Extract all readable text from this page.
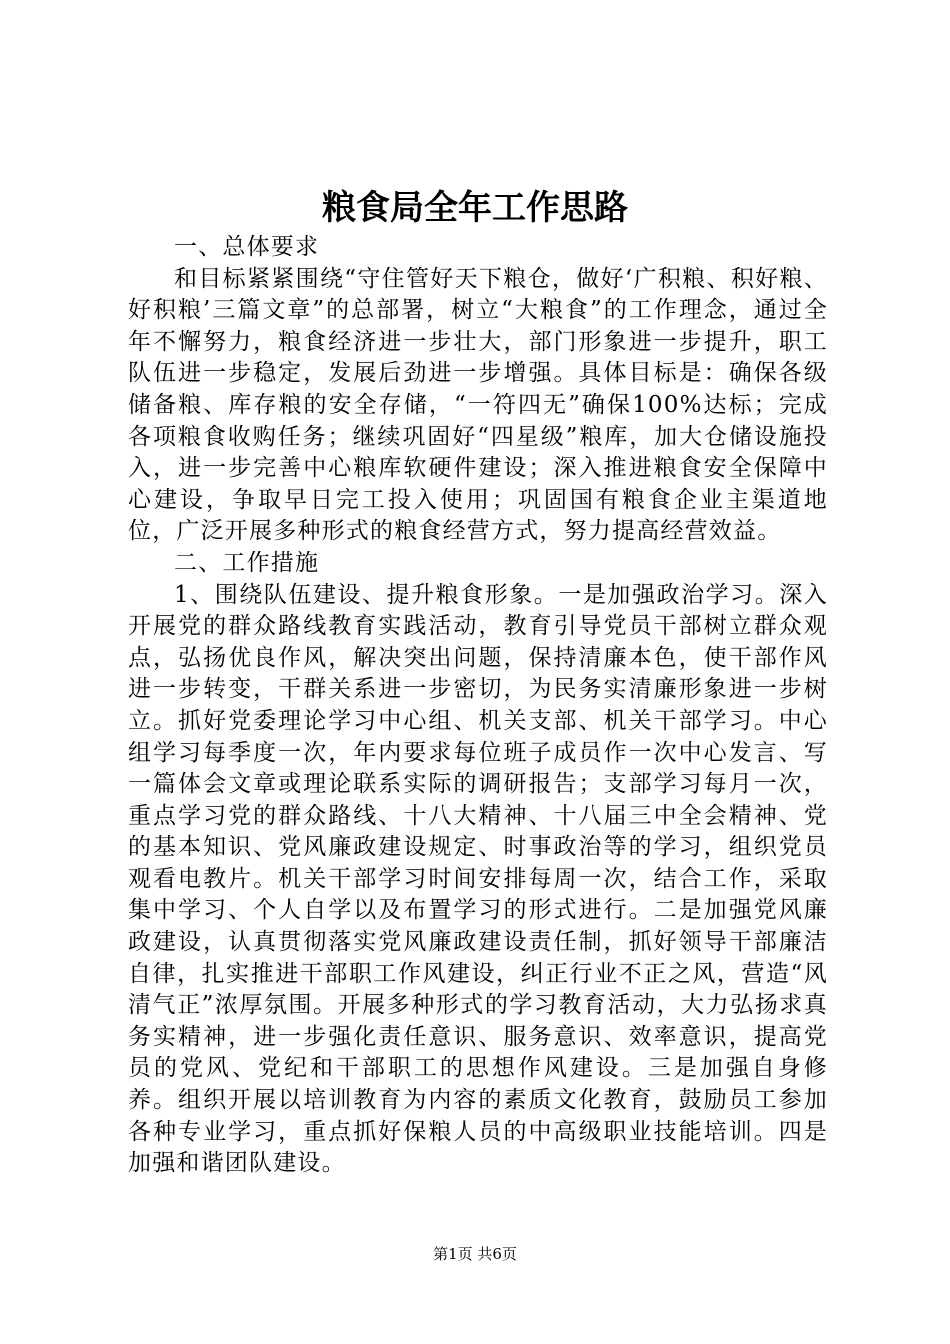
粮食局全年工作思路

一、总体要求

和目标紧紧围绕“守住管好天下粮仓，做好‘广积粮、积好粮、好积粮’三篇文章”的总部署，树立“大粮食”的工作理念，通过全年不懈努力，粮食经济进一步壮大，部门形象进一步提升，职工队伍进一步稳定，发展后劲进一步增强。具体目标是：确保各级储备粮、库存粮的安全存储，“一符四无”确保100%达标；完成各项粮食收购任务；继续巩固好“四星级”粮库，加大仓储设施投入，进一步完善中心粮库软硬件建设；深入推进粮食安全保障中心建设，争取早日完工投入使用；巩固国有粮食企业主渠道地位，广泛开展多种形式的粮食经营方式，努力提高经营效益。

二、工作措施

1、围绕队伍建设、提升粮食形象。一是加强政治学习。深入开展党的群众路线教育实践活动，教育引导党员干部树立群众观点，弘扬优良作风，解决突出问题，保持清廉本色，使干部作风进一步转变，干群关系进一步密切，为民务实清廉形象进一步树立。抓好党委理论学习中心组、机关支部、机关干部学习。中心组学习每季度一次，年内要求每位班子成员作一次中心发言、写一篇体会文章或理论联系实际的调研报告；支部学习每月一次，重点学习党的群众路线、十八大精神、十八届三中全会精神、党的基本知识、党风廉政建设规定、时事政治等的学习，组织党员观看电教片。机关干部学习时间安排每周一次，结合工作，采取集中学习、个人自学以及布置学习的形式进行。二是加强党风廉政建设，认真贯彻落实党风廉政建设责任制，抓好领导干部廉洁自律，扎实推进干部职工作风建设，纠正行业不正之风，营造“风清气正”浓厚氛围。开展多种形式的学习教育活动，大力弘扬求真务实精神，进一步强化责任意识、服务意识、效率意识，提高党员的党风、党纪和干部职工的思想作风建设。三是加强自身修养。组织开展以培训教育为内容的素质文化教育，鼓励员工参加各种专业学习，重点抓好保粮人员的中高级职业技能培训。四是加强和谐团队建设。

第1页 共6页
